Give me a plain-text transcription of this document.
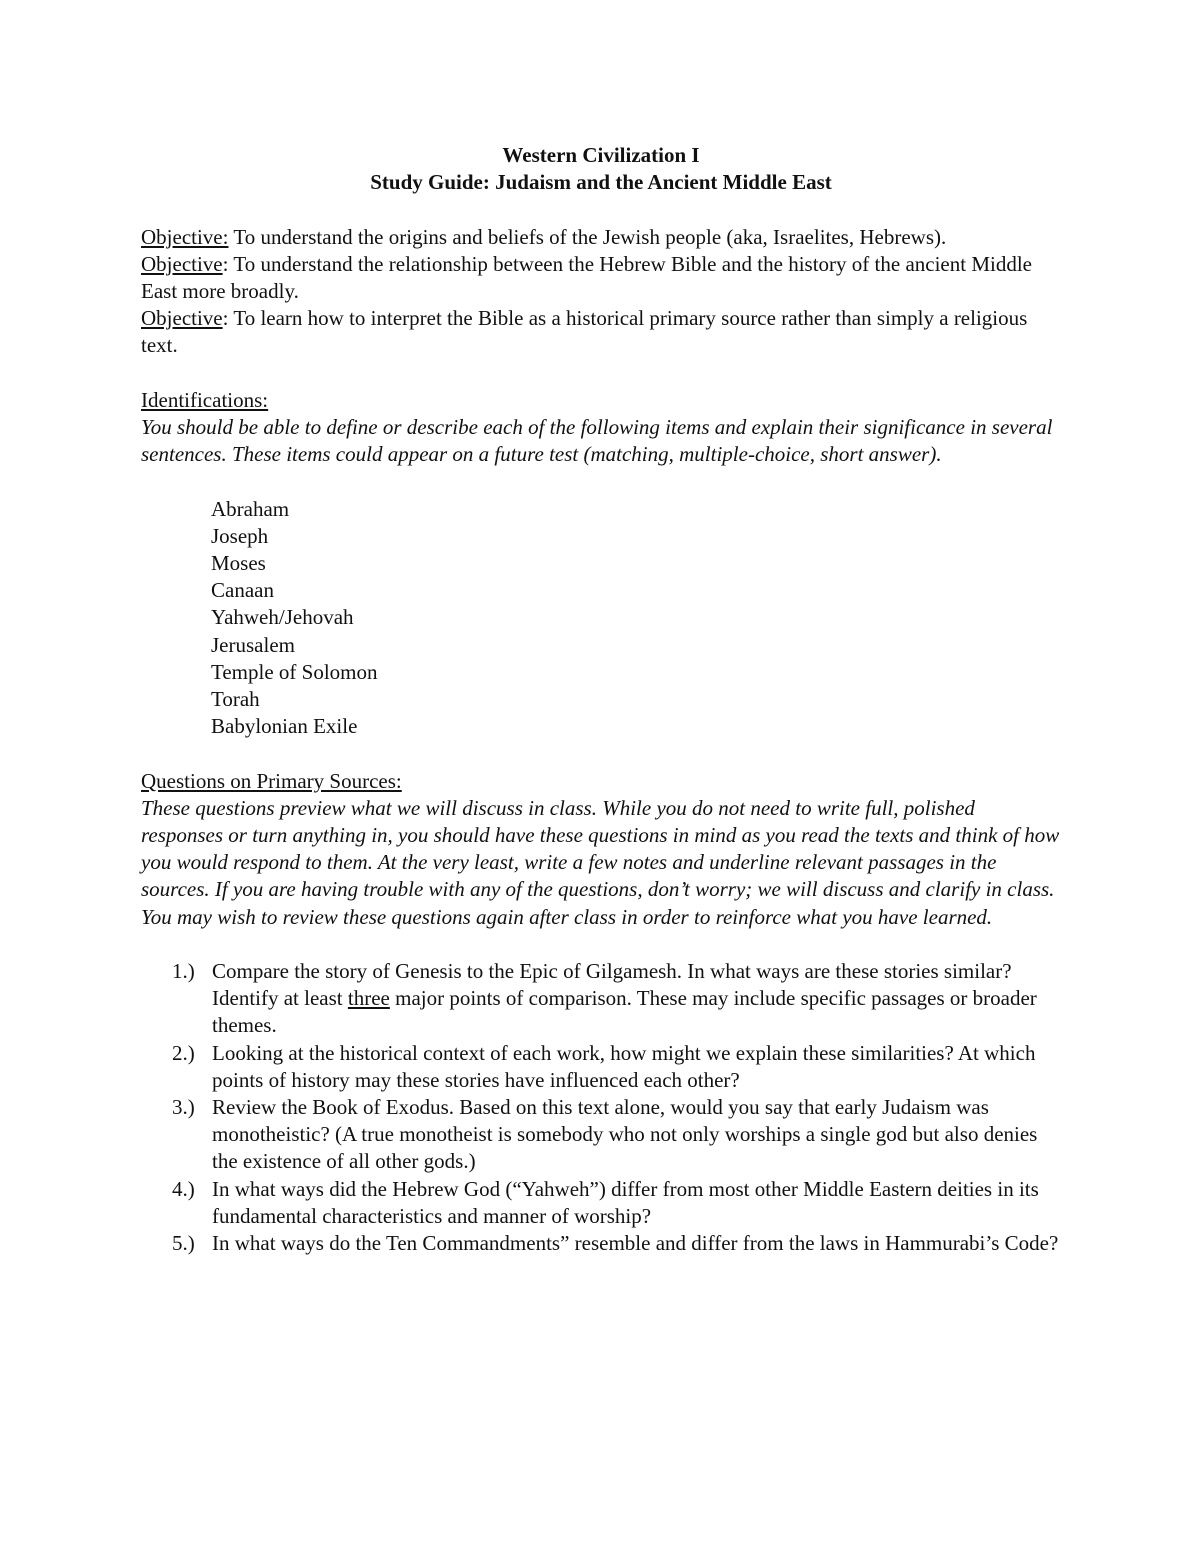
Western Civilization I

Study Guide: Judaism and the Ancient Middle East

Objective: To understand the origins and beliefs of the Jewish people (aka, Israelites, Hebrews).

Objective: To understand the relationship between the Hebrew Bible and the history of the ancient Middle East more broadly.

Objective: To learn how to interpret the Bible as a historical primary source rather than simply a religious text.

Identifications:

You should be able to define or describe each of the following items and explain their significance in several sentences. These items could appear on a future test (matching, multiple-choice, short answer).

Abraham
Joseph
Moses
Canaan
Yahweh/Jehovah
Jerusalem
Temple of Solomon
Torah
Babylonian Exile

Questions on Primary Sources:

These questions preview what we will discuss in class. While you do not need to write full, polished responses or turn anything in, you should have these questions in mind as you read the texts and think of how you would respond to them. At the very least, write a few notes and underline relevant passages in the sources. If you are having trouble with any of the questions, don’t worry; we will discuss and clarify in class. You may wish to review these questions again after class in order to reinforce what you have learned.

1.) Compare the story of Genesis to the Epic of Gilgamesh. In what ways are these stories similar? Identify at least three major points of comparison. These may include specific passages or broader themes.
2.) Looking at the historical context of each work, how might we explain these similarities? At which points of history may these stories have influenced each other?
3.) Review the Book of Exodus. Based on this text alone, would you say that early Judaism was monotheistic? (A true monotheist is somebody who not only worships a single god but also denies the existence of all other gods.)
4.) In what ways did the Hebrew God (“Yahweh”) differ from most other Middle Eastern deities in its fundamental characteristics and manner of worship?
5.) In what ways do the Ten Commandments” resemble and differ from the laws in Hammurabi’s Code?
